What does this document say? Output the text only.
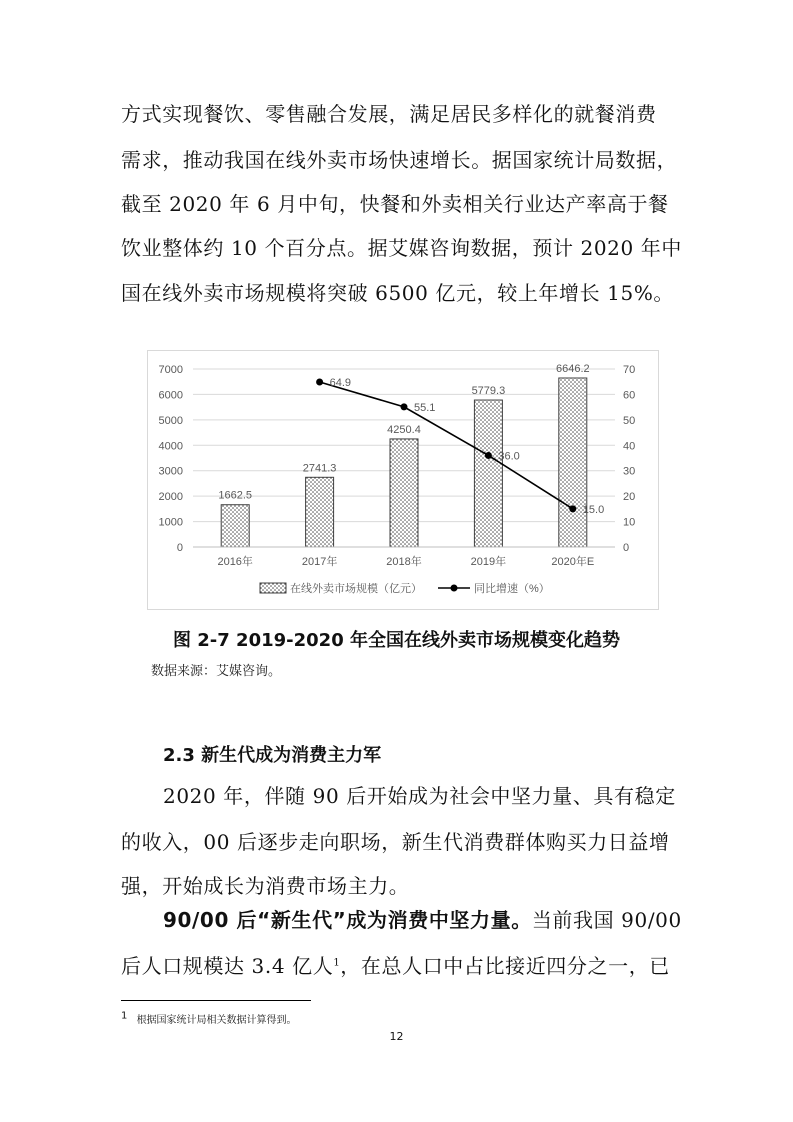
方式实现餐饮、零售融合发展，满足居民多样化的就餐消费
需求，推动我国在线外卖市场快速增长。据国家统计局数据，
截至 2020 年 6 月中旬，快餐和外卖相关行业达产率高于餐
饮业整体约 10 个百分点。据艾媒咨询数据，预计 2020 年中
国在线外卖市场规模将突破 6500 亿元，较上年增长 15%。
1662.5
2741.3
4250.4
5779.3
6646.2
64.9
55.1
36.0
15.0
0
1000
2000
3000
4000
5000
6000
7000
0
10
20
30
40
50
60
70
2016年	2017年	2018年	2019年	2020年E
在线外卖市场规模（亿元）	同比增速（%）
图 2-7 2019-2020 年全国在线外卖市场规模变化趋势
数据来源：艾媒咨询。
2.3 新生代成为消费主力军
2020 年，伴随 90 后开始成为社会中坚力量、具有稳定
的收入，00 后逐步走向职场，新生代消费群体购买力日益增
强，开始成长为消费市场主力。
90/00 后“新生代”成为消费中坚力量。当前我国 90/00
后人口规模达 3.4 亿人$^1$，在总人口中占比接近四分之一，已
$^1$ 根据国家统计局相关数据计算得到。
12
